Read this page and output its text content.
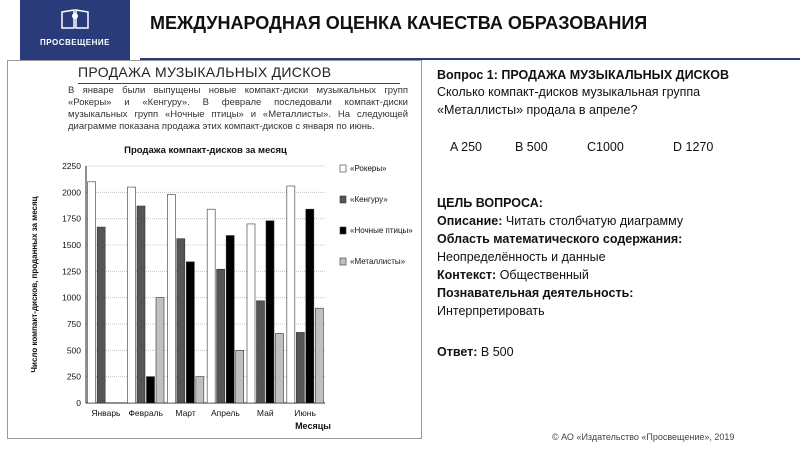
ПРОСВЕЩЕНИЕ
МЕЖДУНАРОДНАЯ ОЦЕНКА КАЧЕСТВА ОБРАЗОВАНИЯ
ПРОДАЖА МУЗЫКАЛЬНЫХ ДИСКОВ
В январе были выпущены новые компакт-диски музыкальных групп «Рокеры» и «Кенгуру». В феврале последовали компакт-диски музыкальных групп «Ночные птицы» и «Металлисты». На следующей диаграмме показана продажа этих компакт-дисков с января по июнь.
Продажа компакт-дисков за месяц
0
250
500
750
1000
1250
1500
1750
2000
2250
Январь Февраль Март Апрель Май Июнь
Месяцы
Число компакт-дисков, проданных за месяц
«Рокеры»
«Кенгуру»
«Ночные птицы»
«Металлисты»
Вопрос 1: ПРОДАЖА МУЗЫКАЛЬНЫХ ДИСКОВ
Сколько компакт-дисков музыкальная группа
«Металлисты» продала в апреле?
A 250	B 500	C1000	D 1270
ЦЕЛЬ ВОПРОСА:
Описание: Читать столбчатую диаграмму
Область математического содержания:
Неопределённость и данные
Контекст: Общественный
Познавательная деятельность:
Интерпретировать
Ответ: В 500
© АО «Издательство «Просвещение», 2019
